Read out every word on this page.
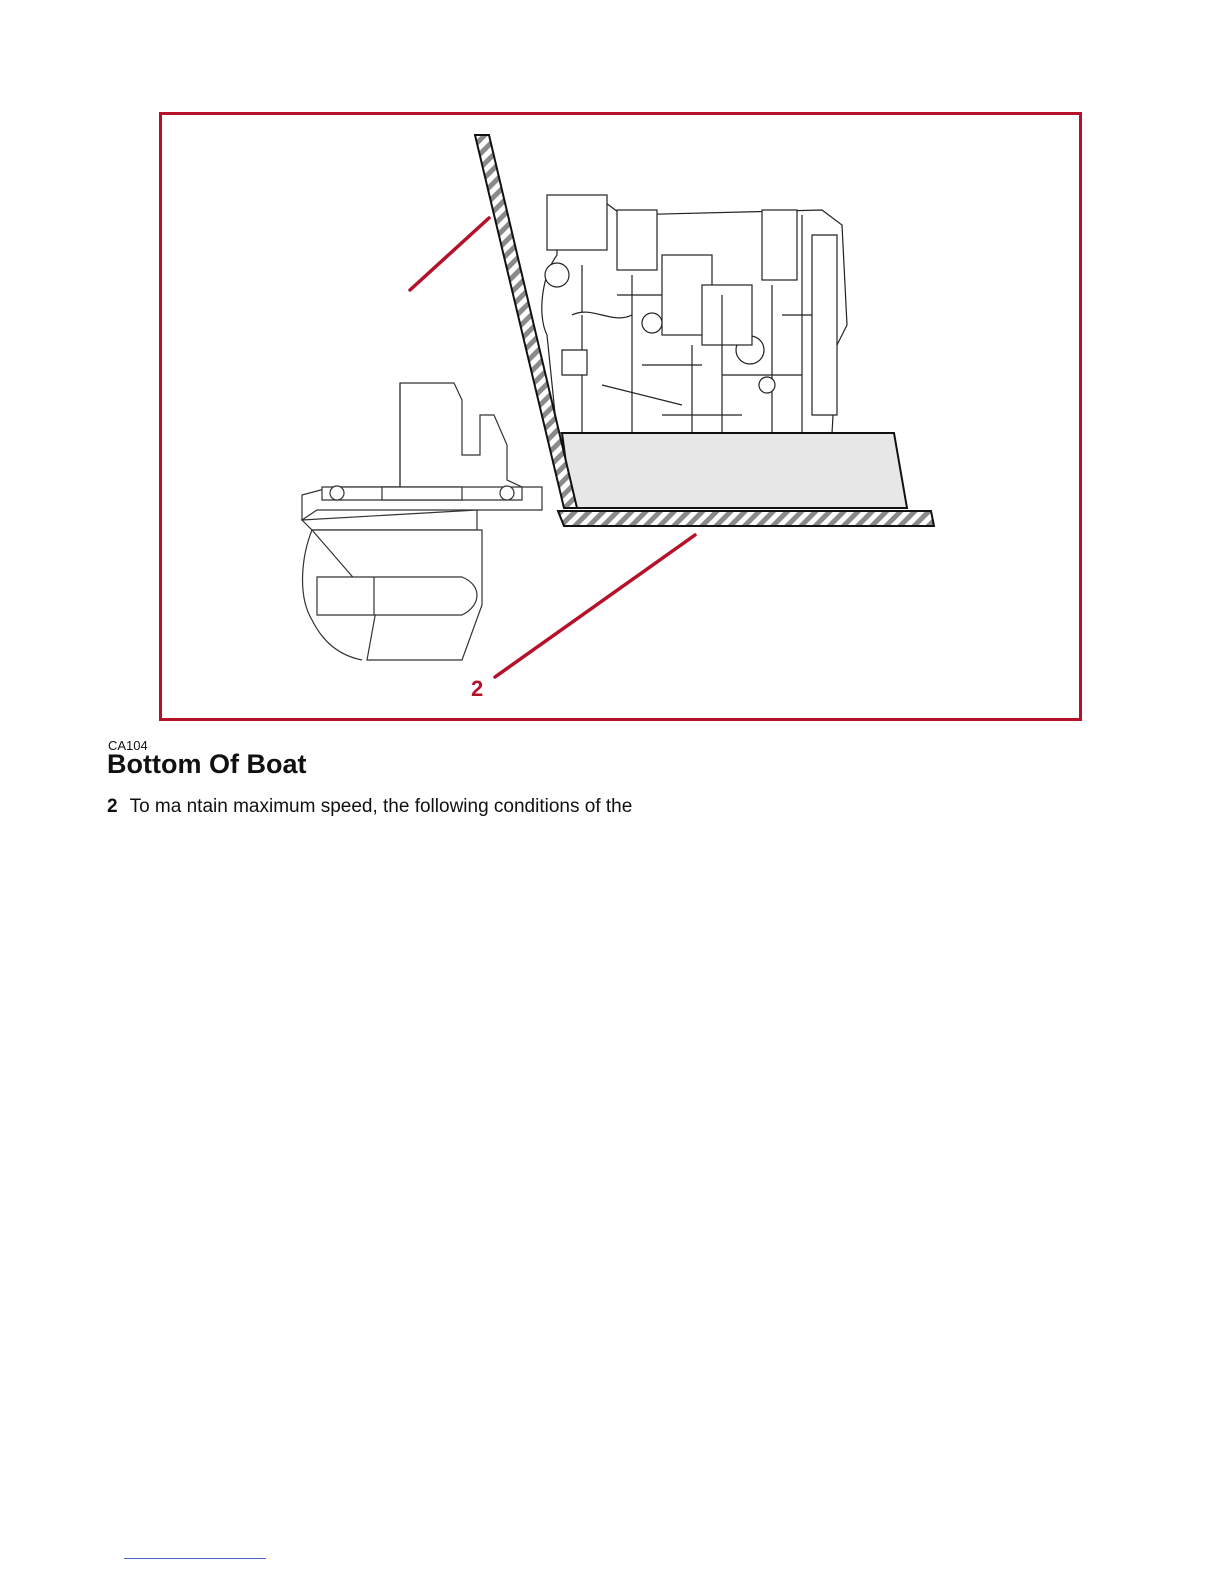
2
CA104
Bottom Of Boat
2 To ma ntain maximum speed, the following conditions of the
